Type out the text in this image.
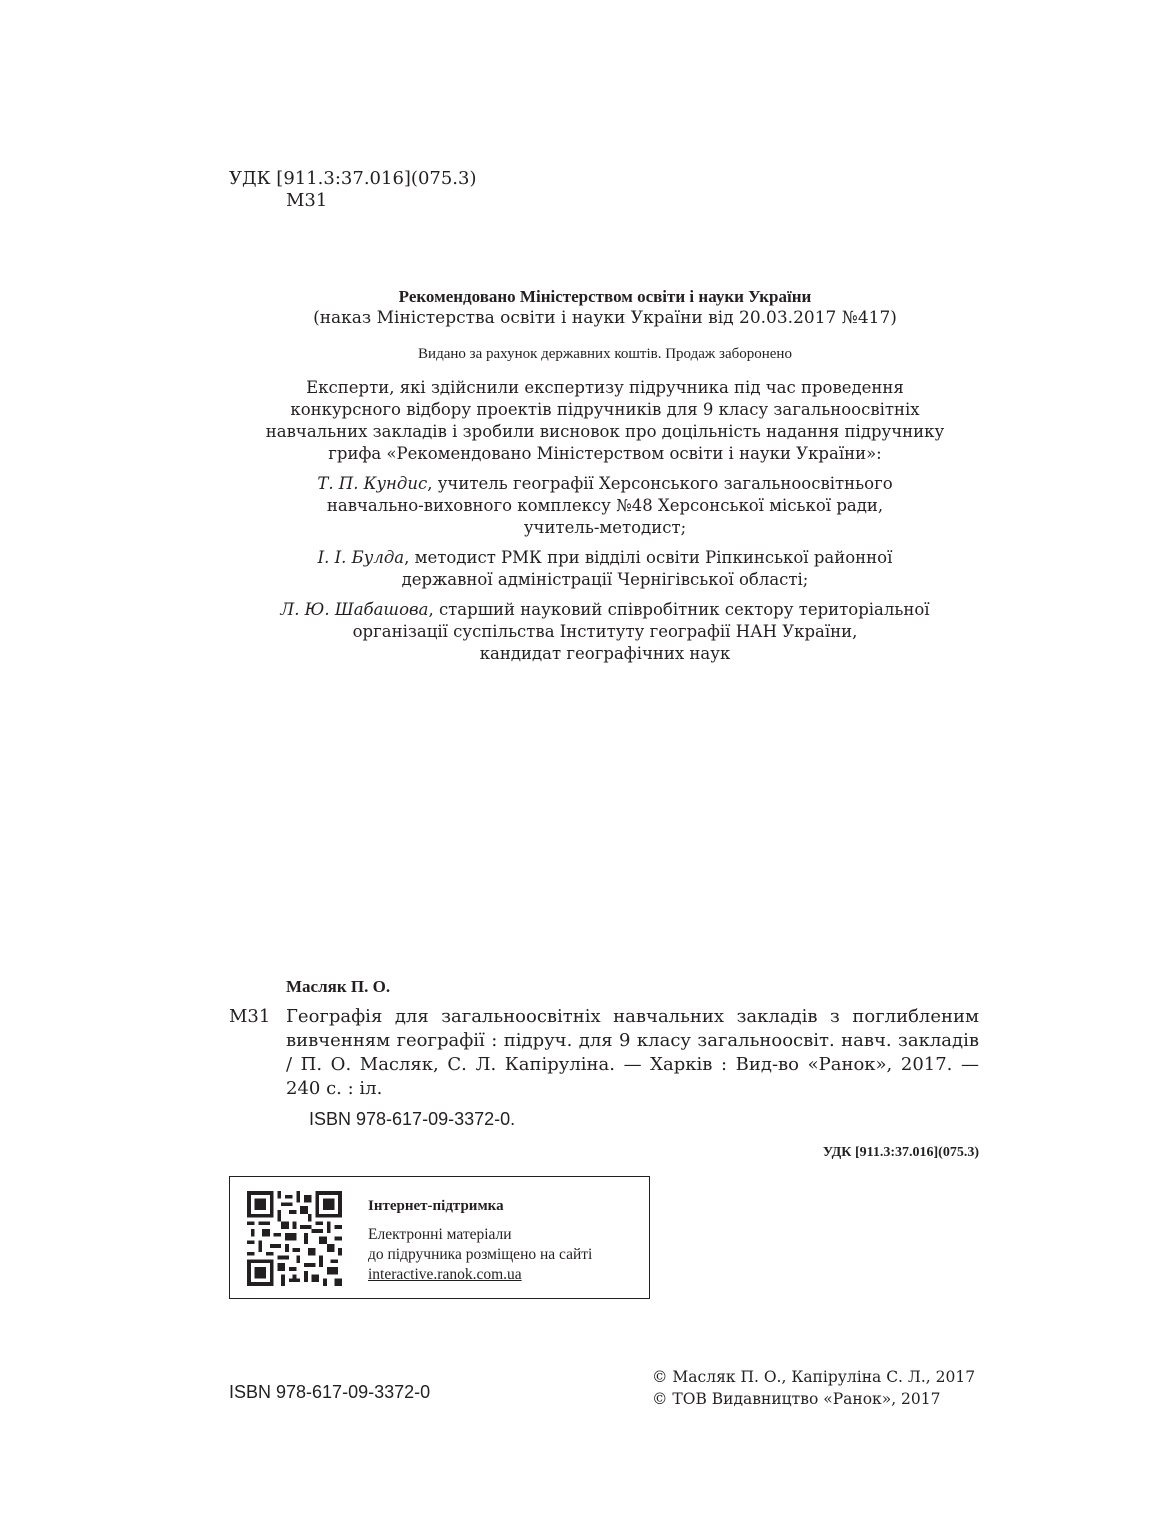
УДК [911.3:37.016](075.3)
М31
Рекомендовано Міністерством освіти і науки України
(наказ Міністерства освіти і науки України від 20.03.2017 №417)
Видано за рахунок державних коштів. Продаж заборонено
Експерти, які здійснили експертизу підручника під час проведення
конкурсного відбору проектів підручників для 9 класу загальноосвітніх
навчальних закладів і зробили висновок про доцільність надання підручнику
грифа «Рекомендовано Міністерством освіти і науки України»:
Т. П. Кундис, учитель географії Херсонського загальноосвітнього
навчально-виховного комплексу №48 Херсонської міської ради,
учитель-методист;
І. І. Булда, методист РМК при відділі освіти Ріпкинської районної
державної адміністрації Чернігівської області;
Л. Ю. Шабашова, старший науковий співробітник сектору територіальної
організації суспільства Інституту географії НАН України,
кандидат географічних наук
Масляк П. О.
М31 Географія для загальноосвітніх навчальних закладів з поглибленим вивченням географії : підруч. для 9 класу загальноосвіт. навч. закладів / П. О. Масляк, С. Л. Капіруліна. — Харків : Вид-во «Ранок», 2017. — 240 с. : іл.
ISBN 978-617-09-3372-0.
УДК [911.3:37.016](075.3)
Інтернет-підтримка
Електронні матеріали
до підручника розміщено на сайті
interactive.ranok.com.ua
ISBN 978-617-09-3372-0
© Масляк П. О., Капіруліна С. Л., 2017
© ТОВ Видавництво «Ранок», 2017
